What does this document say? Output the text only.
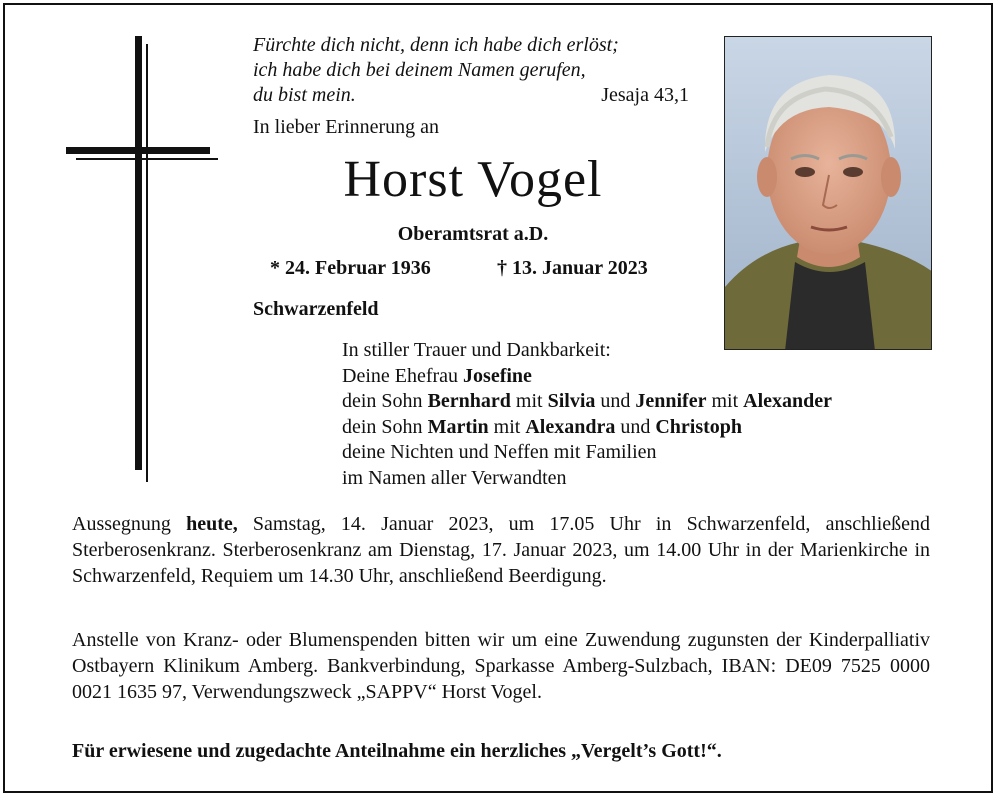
Fürchte dich nicht, denn ich habe dich erlöst;
ich habe dich bei deinem Namen gerufen,
du bist mein.	Jesaja 43,1
In lieber Erinnerung an
Horst Vogel
Oberamtsrat a.D.
* 24. Februar 1936	† 13. Januar 2023
Schwarzenfeld
In stiller Trauer und Dankbarkeit:
Deine Ehefrau Josefine
dein Sohn Bernhard mit Silvia und Jennifer mit Alexander
dein Sohn Martin mit Alexandra und Christoph
deine Nichten und Neffen mit Familien
im Namen aller Verwandten
Aussegnung heute, Samstag, 14. Januar 2023, um 17.05 Uhr in Schwarzenfeld, anschließend Sterberosenkranz. Sterberosenkranz am Dienstag, 17. Januar 2023, um 14.00 Uhr in der Marienkirche in Schwarzenfeld, Requiem um 14.30 Uhr, anschließend Beerdigung.
Anstelle von Kranz- oder Blumenspenden bitten wir um eine Zuwendung zugunsten der Kinderpalliativ Ostbayern Klinikum Amberg. Bankverbindung, Sparkasse Amberg-Sulzbach, IBAN: DE09 7525 0000 0021 1635 97, Verwendungszweck „SAPPV“ Horst Vogel.
Für erwiesene und zugedachte Anteilnahme ein herzliches „Vergelt’s Gott!“.
